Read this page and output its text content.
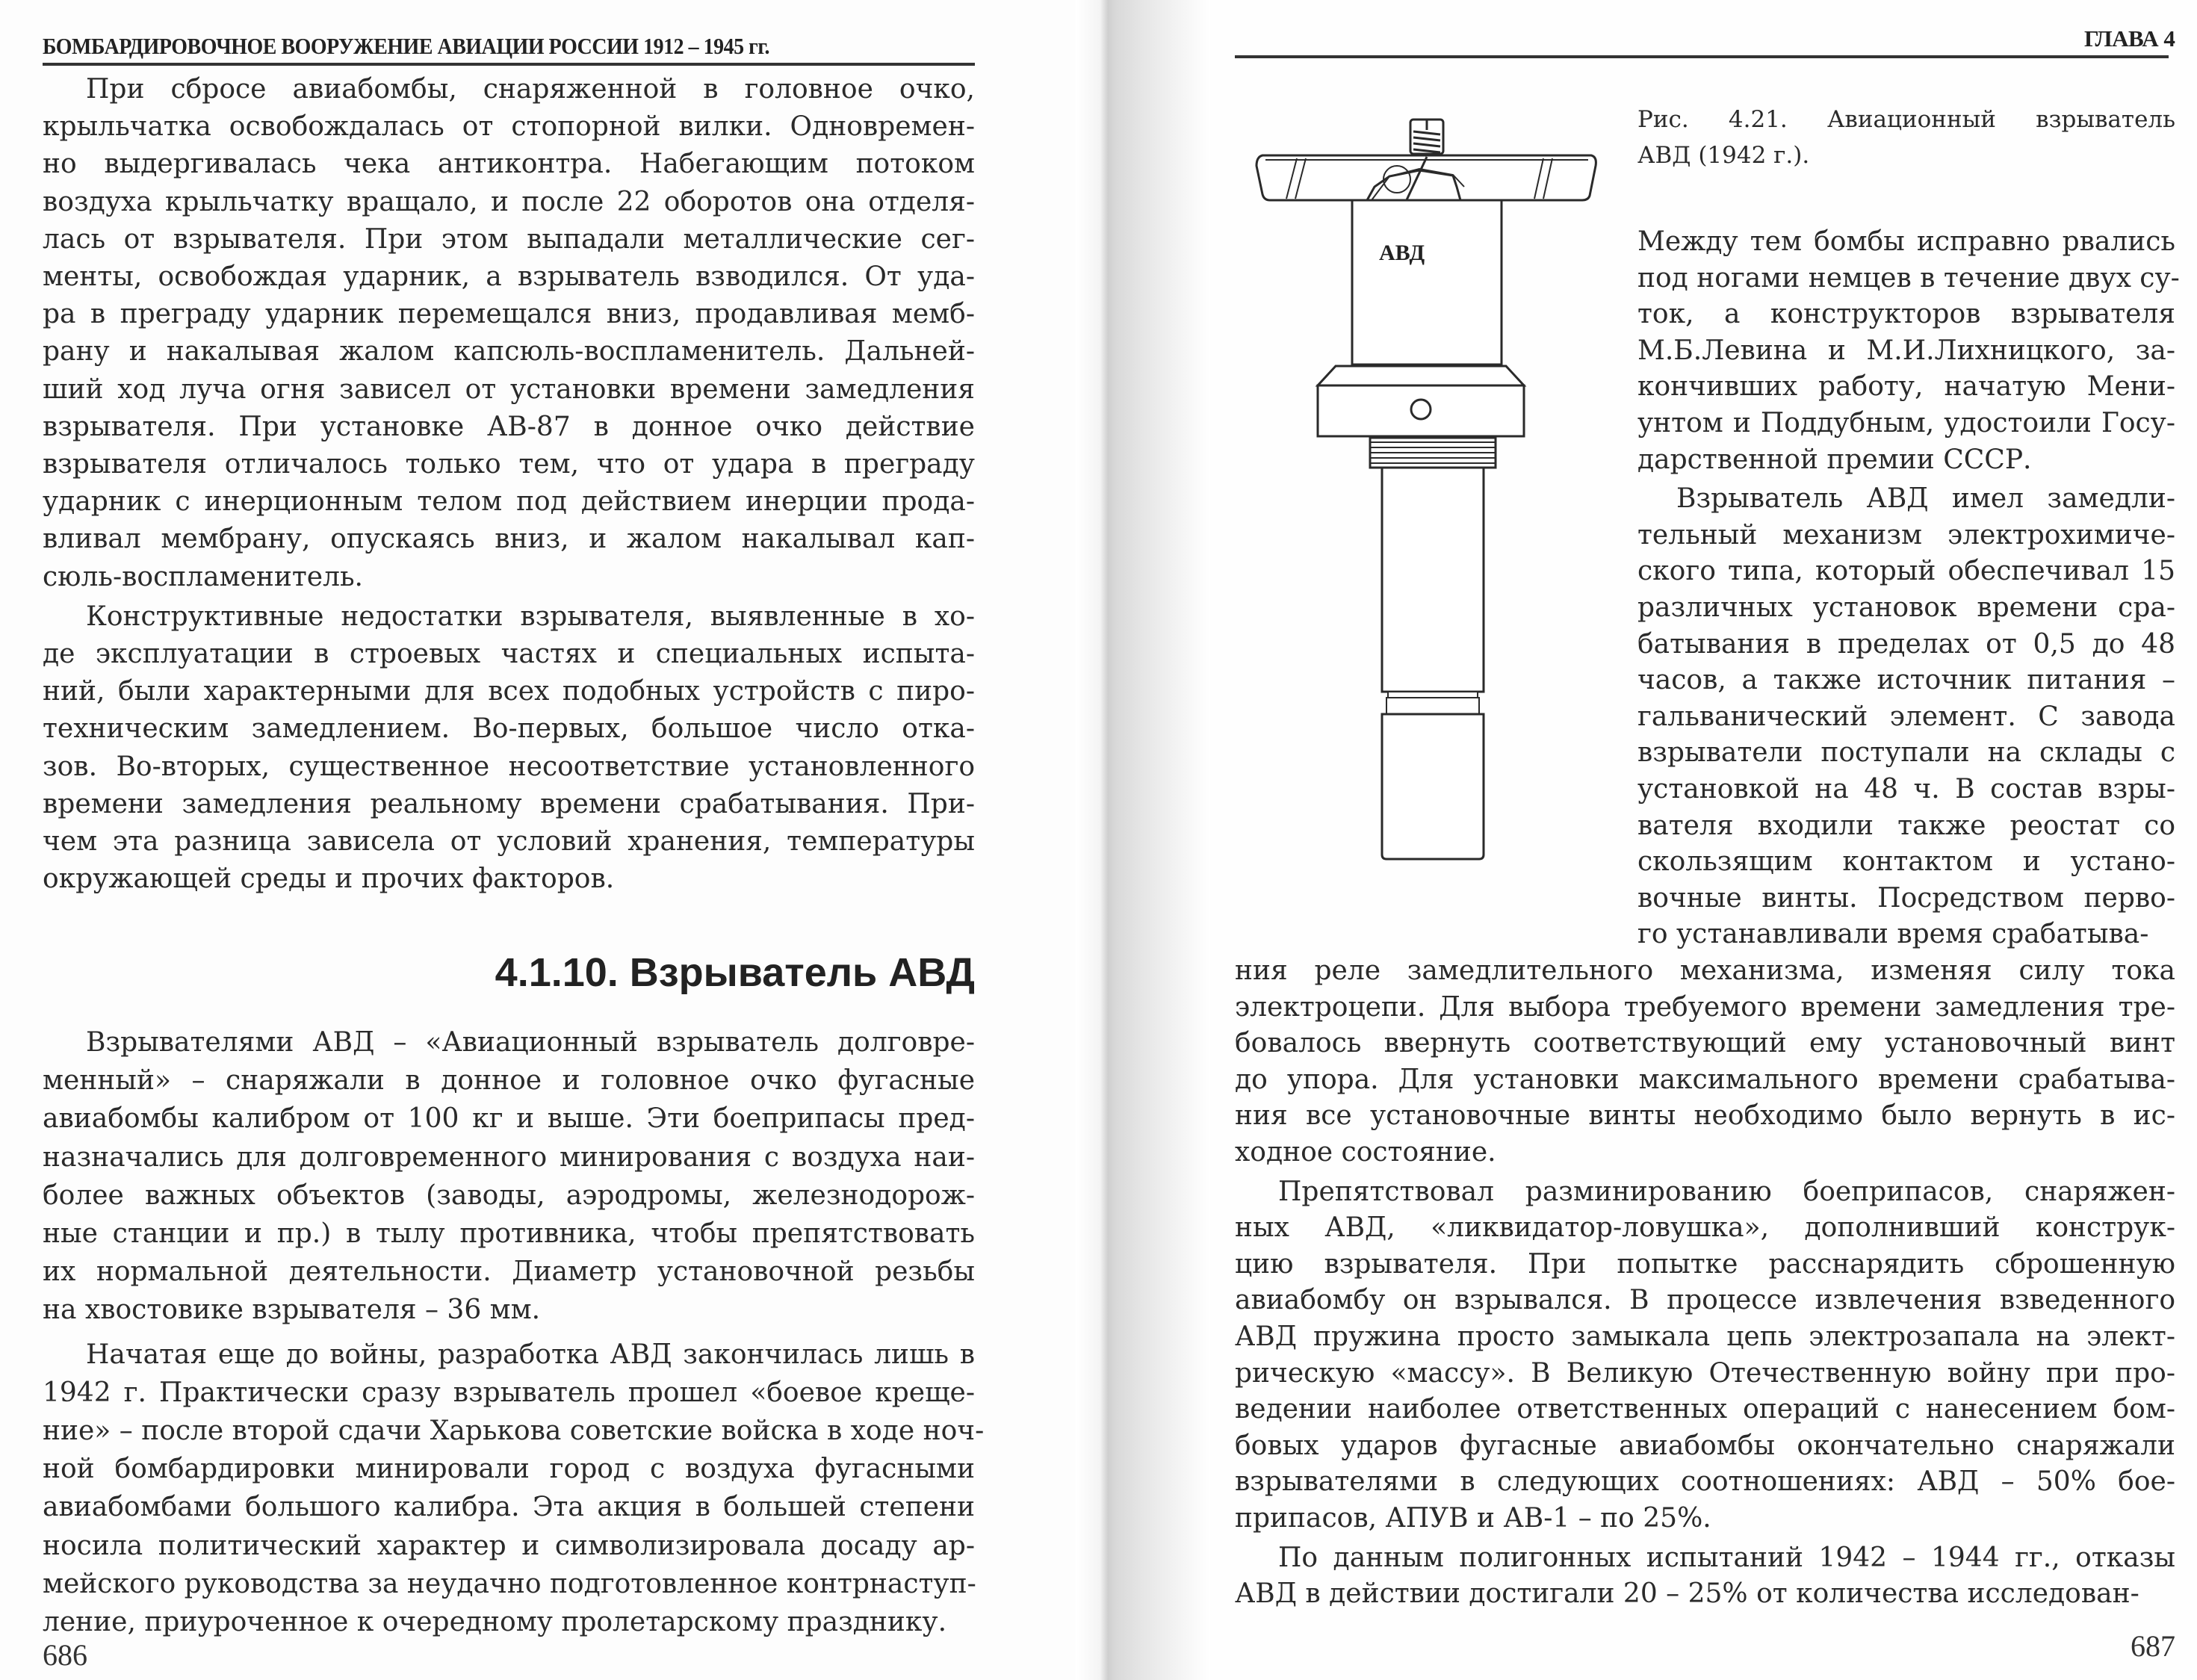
БОМБАРДИРОВОЧНОЕ ВООРУЖЕНИЕ АВИАЦИИ РОССИИ 1912 – 1945 гг.
При сбросе авиабомбы, снаряженной в головное очко,
крыльчатка освобождалась от стопорной вилки. Одновремен-
но выдергивалась чека антиконтра. Набегающим потоком
воздуха крыльчатку вращало, и после 22 оборотов она отделя-
лась от взрывателя. При этом выпадали металлические сег-
менты, освобождая ударник, а взрыватель взводился. От уда-
ра в преграду ударник перемещался вниз, продавливая мемб-
рану и накалывая жалом капсюль-воспламенитель. Дальней-
ший ход луча огня зависел от установки времени замедления
взрывателя. При установке АВ-87 в донное очко действие
взрывателя отличалось только тем, что от удара в преграду
ударник с инерционным телом под действием инерции прода-
вливал мембрану, опускаясь вниз, и жалом накалывал кап-
сюль-воспламенитель.
Конструктивные недостатки взрывателя, выявленные в хо-
де эксплуатации в строевых частях и специальных испыта-
ний, были характерными для всех подобных устройств с пиро-
техническим замедлением. Во-первых, большое число отка-
зов. Во-вторых, существенное несоответствие установленного
времени замедления реальному времени срабатывания. При-
чем эта разница зависела от условий хранения, температуры
окружающей среды и прочих факторов.
Взрывателями АВД – «Авиационный взрыватель долговре-
менный» – снаряжали в донное и головное очко фугасные
авиабомбы калибром от 100 кг и выше. Эти боеприпасы пред-
назначались для долговременного минирования с воздуха наи-
более важных объектов (заводы, аэродромы, железнодорож-
ные станции и пр.) в тылу противника, чтобы препятствовать
их нормальной деятельности. Диаметр установочной резьбы
на хвостовике взрывателя – 36 мм.
Начатая еще до войны, разработка АВД закончилась лишь в
1942 г. Практически сразу взрыватель прошел «боевое креще-
ние» – после второй сдачи Харькова советские войска в ходе ноч-
ной бомбардировки минировали город с воздуха фугасными
авиабомбами большого калибра. Эта акция в большей степени
носила политический характер и символизировала досаду ар-
мейского руководства за неудачно подготовленное контрнаступ-
ление, приуроченное к очередному пролетарскому празднику.
4.1.10. Взрыватель АВД
686
ГЛАВА 4
АВД
Рис. 4.21. Авиационный взрыватель
АВД (1942 г.).
Между тем бомбы исправно рвались
под ногами немцев в течение двух су-
ток, а конструкторов взрывателя
М.Б.Левина и М.И.Лихницкого, за-
кончивших работу, начатую Мени-
унтом и Поддубным, удостоили Госу-
дарственной премии СССР.
Взрыватель АВД имел замедли-
тельный механизм электрохимиче-
ского типа, который обеспечивал 15
различных установок времени сра-
батывания в пределах от 0,5 до 48
часов, а также источник питания –
гальванический элемент. С завода
взрыватели поступали на склады с
установкой на 48 ч. В состав взры-
вателя входили также реостат со
скользящим контактом и устано-
вочные винты. Посредством перво-
го устанавливали время срабатыва-
ния реле замедлительного механизма, изменяя силу тока
электроцепи. Для выбора требуемого времени замедления тре-
бовалось ввернуть соответствующий ему установочный винт
до упора. Для установки максимального времени срабатыва-
ния все установочные винты необходимо было вернуть в ис-
ходное состояние.
Препятствовал разминированию боеприпасов, снаряжен-
ных АВД, «ликвидатор-ловушка», дополнивший конструк-
цию взрывателя. При попытке расснарядить сброшенную
авиабомбу он взрывался. В процессе извлечения взведенного
АВД пружина просто замыкала цепь электрозапала на элект-
рическую «массу». В Великую Отечественную войну при про-
ведении наиболее ответственных операций с нанесением бом-
бовых ударов фугасные авиабомбы окончательно снаряжали
взрывателями в следующих соотношениях: АВД – 50% бое-
припасов, АПУВ и АВ-1 – по 25%.
По данным полигонных испытаний 1942 – 1944 гг., отказы
АВД в действии достигали 20 – 25% от количества исследован-
687
